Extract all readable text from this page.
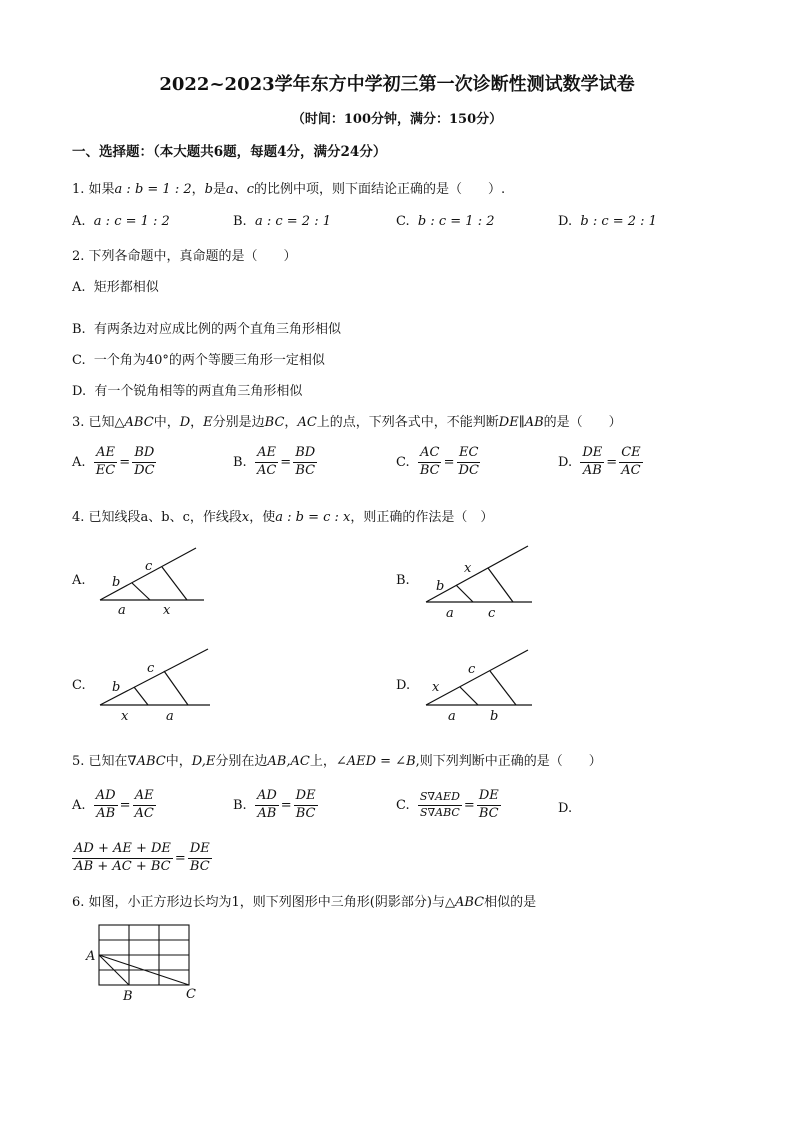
2022~2023学年东方中学初三第一次诊断性测试数学试卷
（时间：100分钟，满分：150分）
一、选择题：（本大题共6题，每题4分，满分24分）
1. 如果a : b = 1 : 2，b是a、c的比例中项，则下面结论正确的是（　　）.
A. a : c = 1 : 2	B. a : c = 2 : 1	C. b : c = 1 : 2	D. b : c = 2 : 1
2. 下列各命题中，真命题的是（　　）
A. 矩形都相似
B. 有两条边对应成比例的两个直角三角形相似
C. 一个角为40°的两个等腰三角形一定相似
D. 有一个锐角相等的两直角三角形相似
3. 已知△ABC中，D，E分别是边BC，AC上的点，下列各式中，不能判断DE∥AB的是（　　）
A. $\frac{AE}{EC} = \frac{BD}{DC}$	B. $\frac{AE}{AC} = \frac{BD}{BC}$	C. $\frac{AC}{BC} = \frac{EC}{DC}$	D. $\frac{DE}{AB} = \frac{CE}{AC}$
4. 已知线段a、b、c，作线段x，使a : b = c : x，则正确的作法是（　）
A. b
c
a	x
B. b
x
a	c
C. b
c
x	a
D. x
c
a	b
5. 已知在∇ABC中，D,E分别在边AB,AC上，∠AED = ∠B,则下列判断中正确的是（　　）
A. $\frac{AD}{AB} = \frac{AE}{AC}$	B. $\frac{AD}{AB} = \frac{DE}{BC}$	C. $\frac{\text{S∇AED}}{\text{S∇ABC}} = \frac{DE}{BC}$	D.
$\frac{AD + AE + DE}{AB + AC + BC} = \frac{DE}{BC}$
6. 如图，小正方形边长均为1，则下列图形中三角形(阴影部分)与△ABC相似的是
A
B	C
